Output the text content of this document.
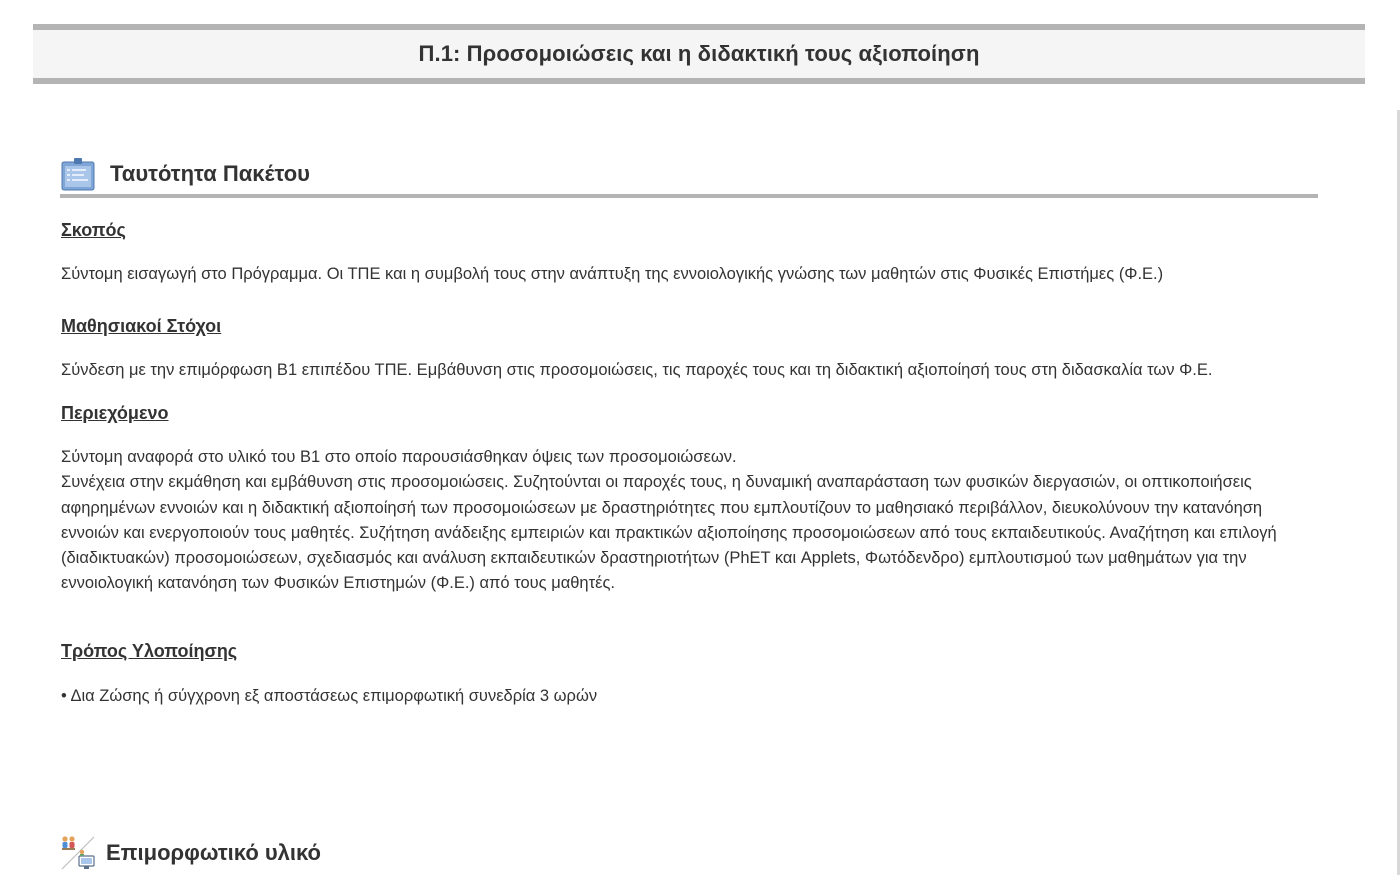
Π.1: Προσομοιώσεις και η διδακτική τους αξιοποίηση
Ταυτότητα Πακέτου
Σκοπός

Σύντομη εισαγωγή στο Πρόγραμμα. Οι ΤΠΕ και η συμβολή τους στην ανάπτυξη της εννοιολογικής γνώσης των μαθητών στις Φυσικές Επιστήμες (Φ.Ε.)

Μαθησιακοί Στόχοι

Σύνδεση με την επιμόρφωση Β1 επιπέδου ΤΠΕ. Εμβάθυνση στις προσομοιώσεις, τις παροχές τους και τη διδακτική αξιοποίησή τους στη διδασκαλία των Φ.Ε.

Περιεχόμενο
Σύντομη αναφορά στο υλικό του Β1 στο οποίο παρουσιάσθηκαν όψεις των προσομοιώσεων.
Συνέχεια στην εκμάθηση και εμβάθυνση στις προσομοιώσεις. Συζητούνται οι παροχές τους, η δυναμική αναπαράσταση των φυσικών διεργασιών, οι οπτικοποιήσεις
αφηρημένων εννοιών και η διδακτική αξιοποίησή των προσομοιώσεων με δραστηριότητες που εμπλουτίζουν το μαθησιακό περιβάλλον, διευκολύνουν την κατανόηση
εννοιών και ενεργοποιούν τους μαθητές. Συζήτηση ανάδειξης εμπειριών και πρακτικών αξιοποίησης προσομοιώσεων από τους εκπαιδευτικούς. Αναζήτηση και επιλογή
(διαδικτυακών) προσομοιώσεων, σχεδιασμός και ανάλυση εκπαιδευτικών δραστηριοτήτων (PhET και Applets, Φωτόδενδρο) εμπλουτισμού των μαθημάτων για την
εννοιολογική κατανόηση των Φυσικών Επιστημών (Φ.Ε.) από τους μαθητές.
Τρόπος Υλοποίησης

• Δια Ζώσης ή σύγχρονη εξ αποστάσεως επιμορφωτική συνεδρία 3 ωρών

Επιμορφωτικό υλικό
